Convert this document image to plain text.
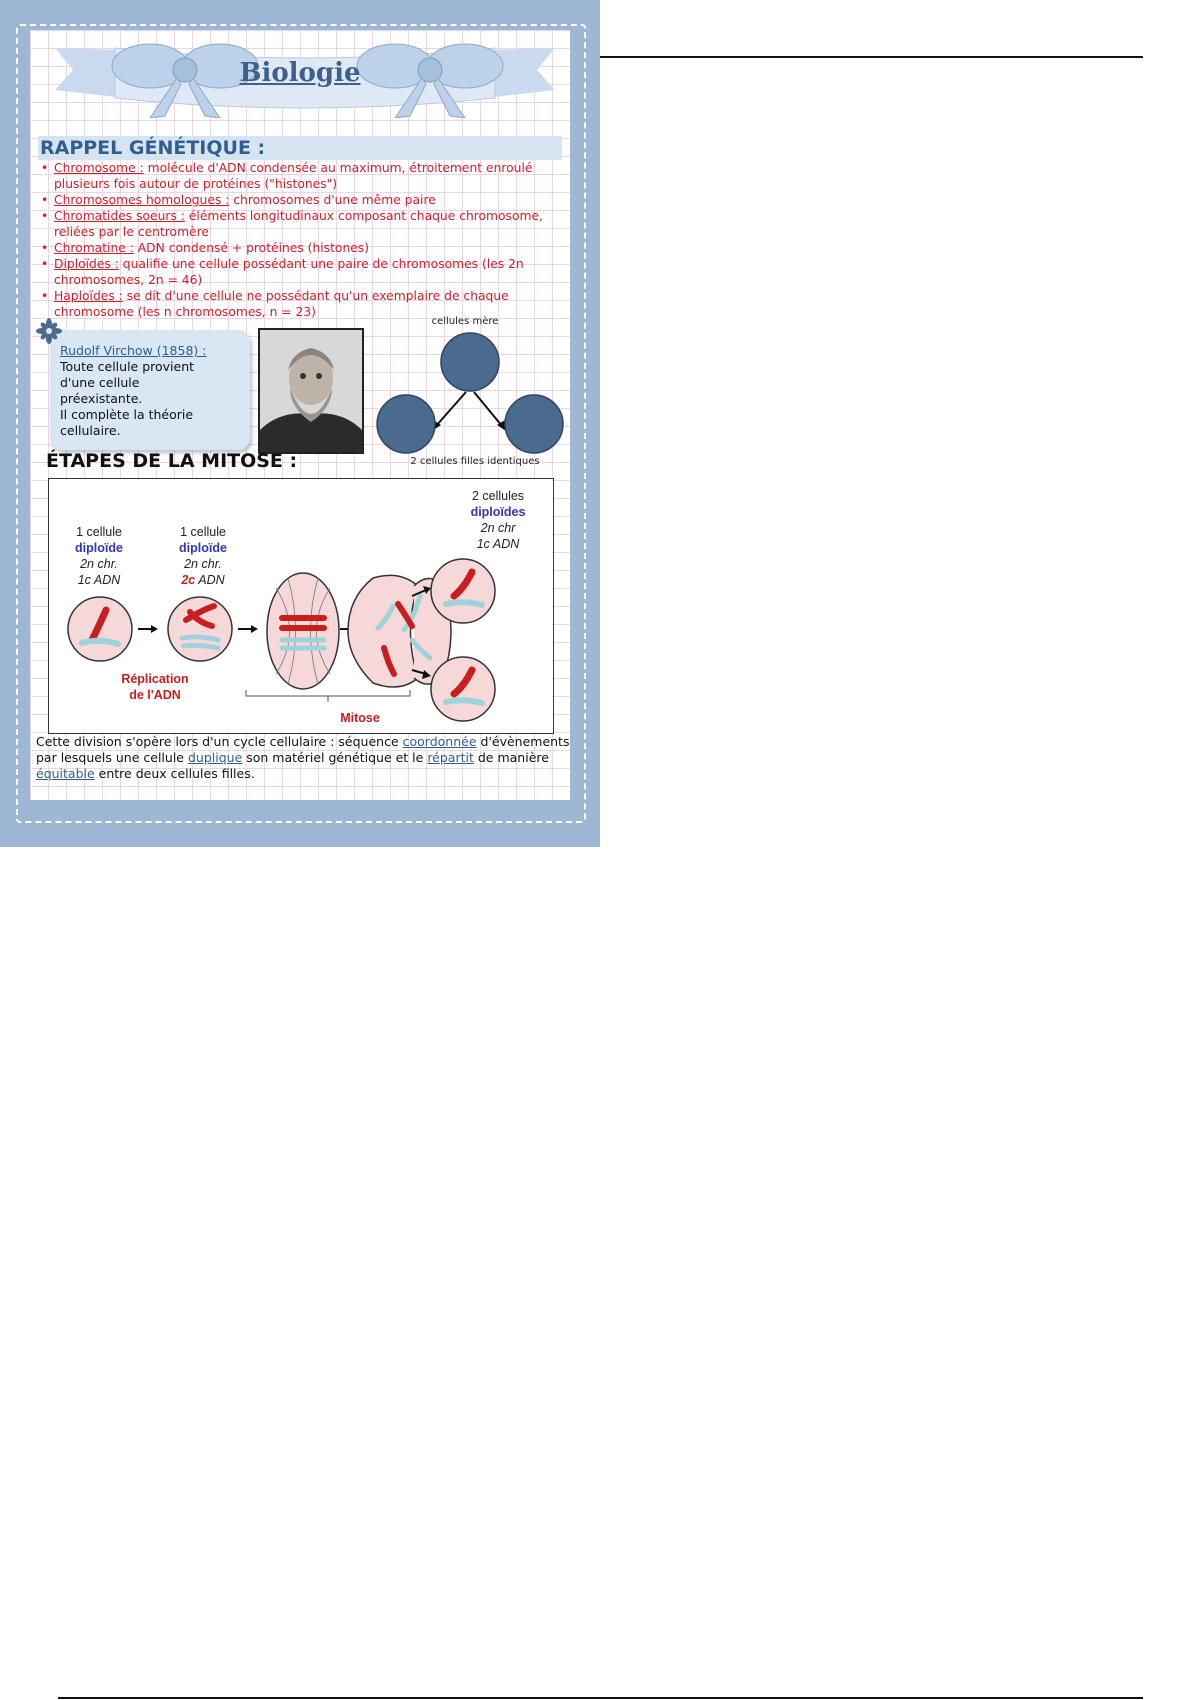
Biologie
RAPPEL GÉNÉTIQUE :
• Chromosome : molécule d'ADN condensée au maximum, étroitement enroulé plusieurs fois autour de protéines ("histones")
• Chromosomes homologues : chromosomes d'une même paire
• Chromatides soeurs : éléments longitudinaux composant chaque chromosome, reliées par le centromère
• Chromatine : ADN condensé + protéines (histones)
• Diploïdes : qualifie une cellule possédant une paire de chromosomes (les 2n chromosomes, 2n = 46)
• Haploïdes : se dit d'une cellule ne possédant qu'un exemplaire de chaque chromosome (les n chromosomes, n = 23)
Rudolf Virchow (1858) :
Toute cellule provient
d'une cellule
préexistante.
Il complète la théorie
cellulaire.
cellules mère
2 cellules filles identiques
ÉTAPES DE LA MITOSE :
1 cellule
diploïde
2n chr.
1c ADN
1 cellule
diploïde
2n chr.
2c ADN
2 cellules
diploïdes
2n chr
1c ADN
Réplication
de l'ADN
Mitose
Cette division s'opère lors d'un cycle cellulaire : séquence coordonnée d'évènements par lesquels une cellule duplique son matériel génétique et le répartit de manière équitable entre deux cellules filles.
